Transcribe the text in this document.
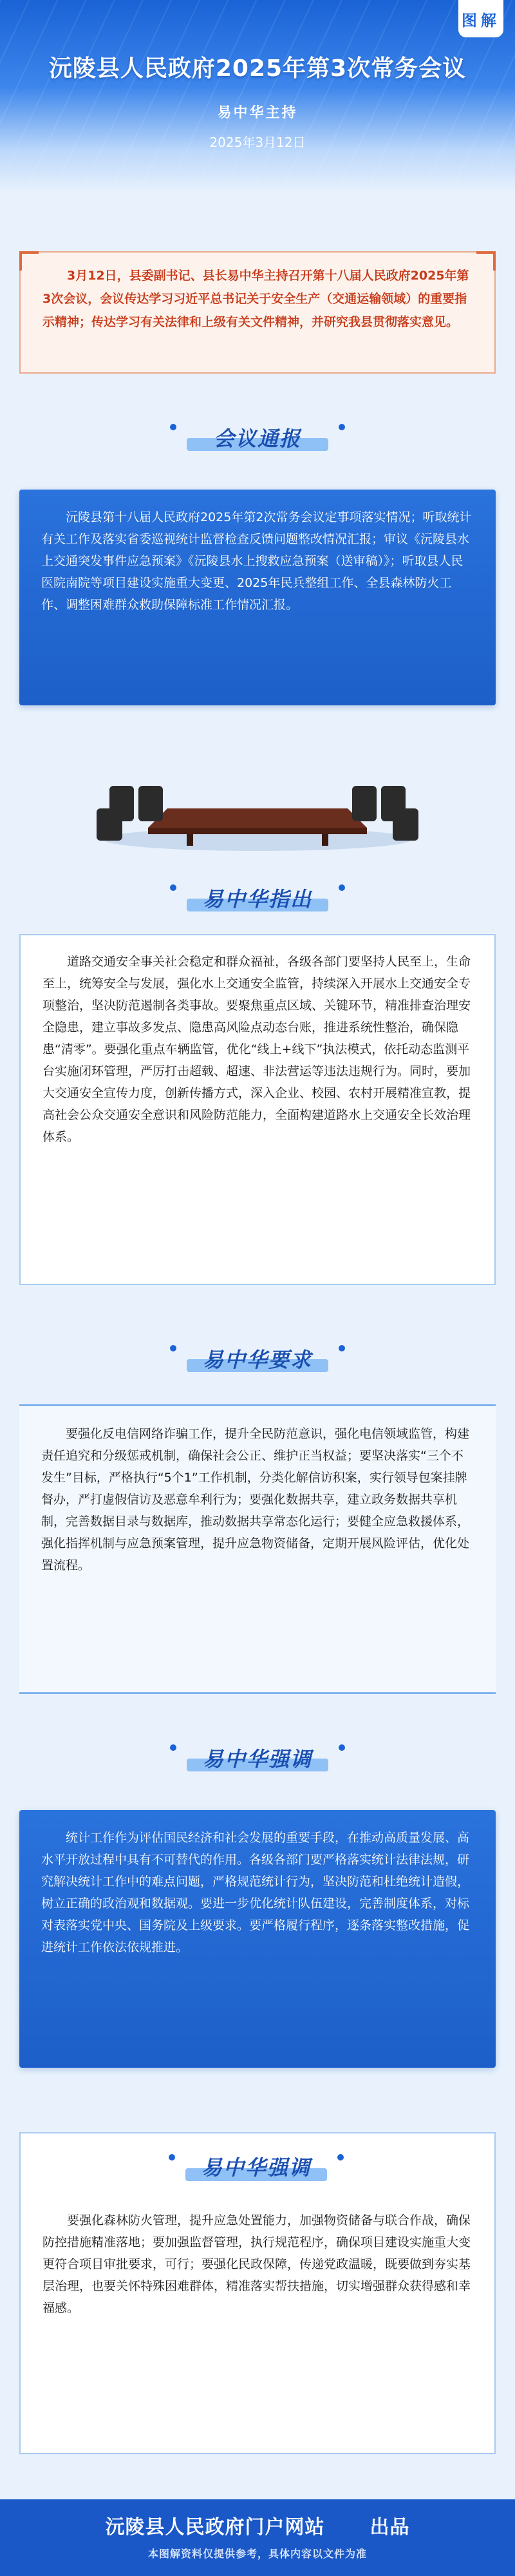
图解
沅陵县人民政府2025年第3次常务会议
易中华主持
2025年3月12日

3月12日，县委副书记、县长易中华主持召开第十八届人民政府2025年第3次会议，会议传达学习习近平总书记关于安全生产（交通运输领域）的重要指示精神；传达学习有关法律和上级有关文件精神，并研究我县贯彻落实意见。

会议通报

沅陵县第十八届人民政府2025年第2次常务会议定事项落实情况；听取统计有关工作及落实省委巡视统计监督检查反馈问题整改情况汇报；审议《沅陵县水上交通突发事件应急预案》《沅陵县水上搜救应急预案（送审稿）》；听取县人民医院南院等项目建设实施重大变更、2025年民兵整组工作、全县森林防火工作、调整困难群众救助保障标准工作情况汇报。

易中华指出

道路交通安全事关社会稳定和群众福祉，各级各部门要坚持人民至上，生命至上，统筹安全与发展，强化水上交通安全监管，持续深入开展水上交通安全专项整治，坚决防范遏制各类事故。要聚焦重点区域、关键环节，精准排查治理安全隐患，建立事故多发点、隐患高风险点动态台账，推进系统性整治，确保隐患“清零”。要强化重点车辆监管，优化“线上+线下”执法模式，依托动态监测平台实施闭环管理，严厉打击超载、超速、非法营运等违法违规行为。同时，要加大交通安全宣传力度，创新传播方式，深入企业、校园、农村开展精准宣教，提高社会公众交通安全意识和风险防范能力，全面构建道路水上交通安全长效治理体系。

易中华要求

要强化反电信网络诈骗工作，提升全民防范意识，强化电信领域监管，构建责任追究和分级惩戒机制，确保社会公正、维护正当权益；要坚决落实“三个不发生”目标，严格执行“5个1”工作机制，分类化解信访积案，实行领导包案挂牌督办，严打虚假信访及恶意牟利行为；要强化数据共享，建立政务数据共享机制，完善数据目录与数据库，推动数据共享常态化运行；要健全应急救援体系，强化指挥机制与应急预案管理，提升应急物资储备，定期开展风险评估，优化处置流程。

易中华强调

统计工作作为评估国民经济和社会发展的重要手段，在推动高质量发展、高水平开放过程中具有不可替代的作用。各级各部门要严格落实统计法律法规，研究解决统计工作中的难点问题，严格规范统计行为，坚决防范和杜绝统计造假，树立正确的政治观和数据观。要进一步优化统计队伍建设，完善制度体系，对标对表落实党中央、国务院及上级要求。要严格履行程序，逐条落实整改措施，促进统计工作依法依规推进。

易中华强调

要强化森林防火管理，提升应急处置能力，加强物资储备与联合作战，确保防控措施精准落地；要加强监督管理，执行规范程序，确保项目建设实施重大变更符合项目审批要求，可行；要强化民政保障，传递党政温暖，既要做到夯实基层治理，也要关怀特殊困难群体，精准落实帮扶措施，切实增强群众获得感和幸福感。

沅陵县人民政府门户网站 出品
本图解资料仅提供参考，具体内容以文件为准
